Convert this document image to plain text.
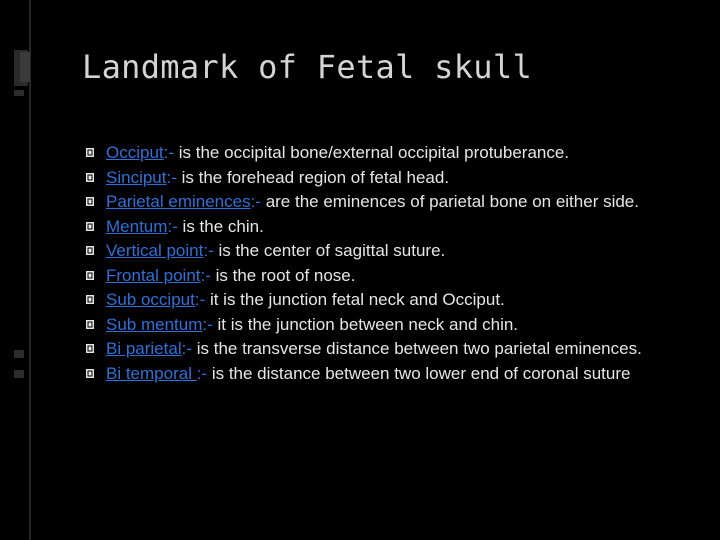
Landmark of Fetal skull
Occiput:- is the occipital bone/external occipital protuberance.
Sinciput:- is the forehead region of fetal head.
Parietal eminences:- are the eminences of parietal bone on either side.
Mentum:- is the chin.
Vertical point:- is the center of sagittal suture.
Frontal point:- is the root of nose.
Sub occiput:- it is the junction fetal neck and Occiput.
Sub mentum:- it is the junction between neck and chin.
Bi parietal:- is the transverse distance between two parietal eminences.
Bi temporal :- is the distance between two lower end of coronal suture
